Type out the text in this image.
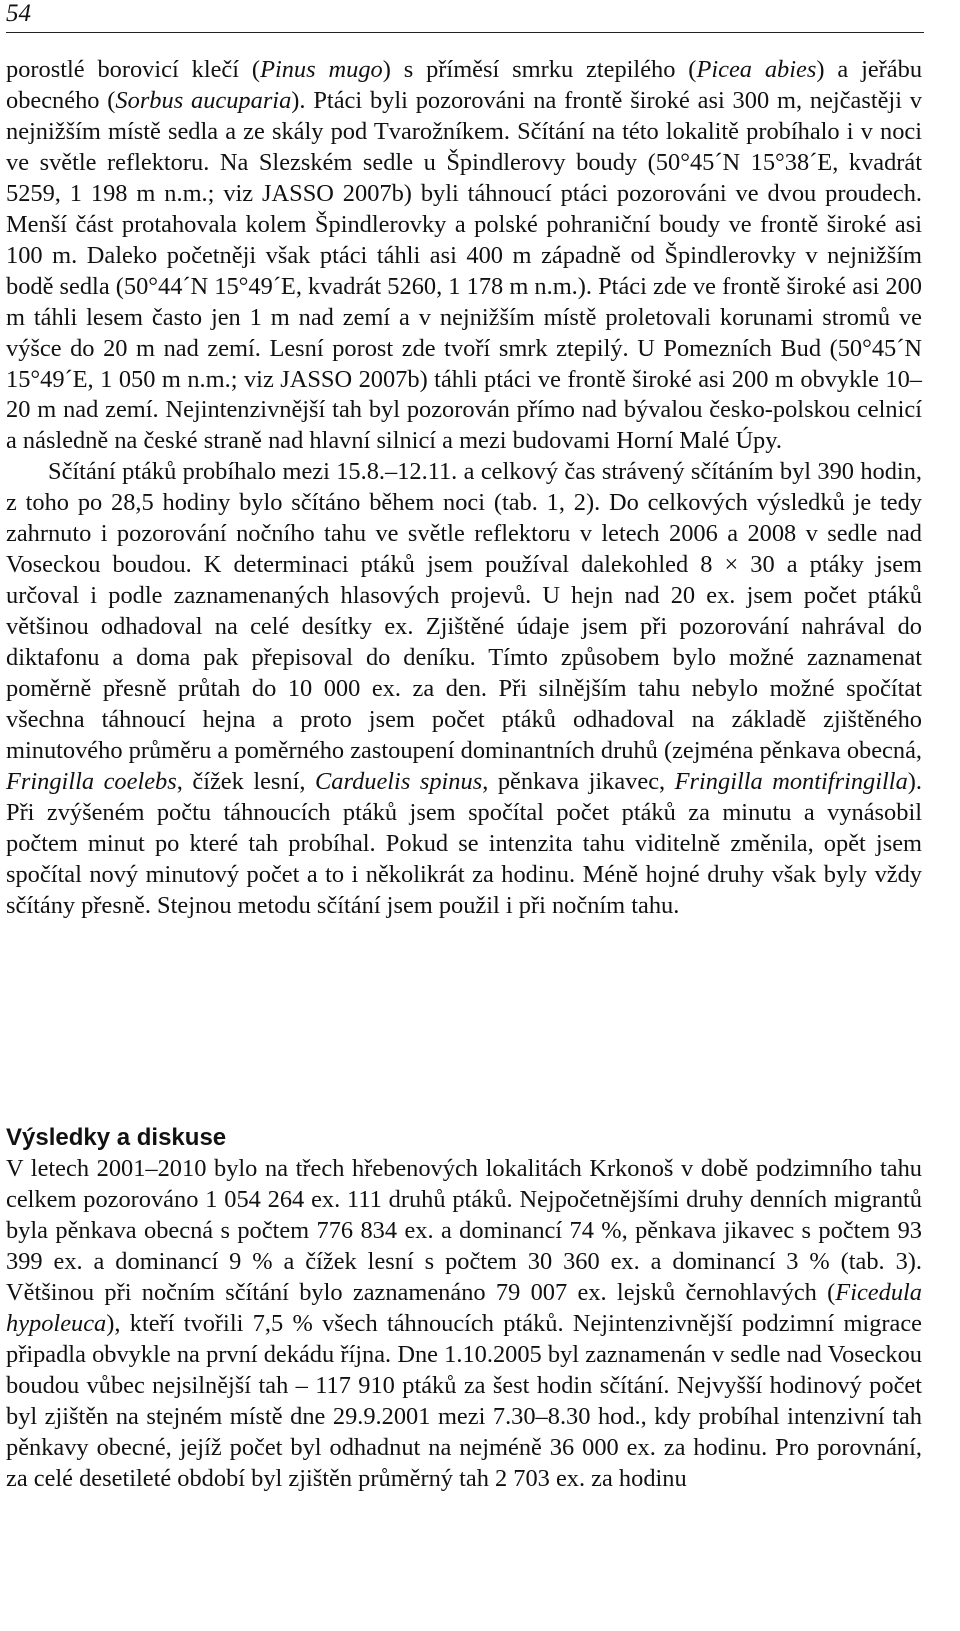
54

porostlé borovicí klečí (Pinus mugo) s příměsí smrku ztepilého (Picea abies) a jeřábu obecného (Sorbus aucuparia). Ptáci byli pozorováni na frontě široké asi 300 m, nejčastěji v nejnižším místě sedla a ze skály pod Tvarožníkem. Sčítání na této lokalitě probíhalo i v noci ve světle reflektoru. Na Slezském sedle u Špindlerovy boudy (50°45´N 15°38´E, kvadrát 5259, 1 198 m n.m.; viz JASSO 2007b) byli táhnoucí ptáci pozorováni ve dvou proudech. Menší část protahovala kolem Špindlerovky a polské pohraniční boudy ve frontě široké asi 100 m. Daleko početněji však ptáci táhli asi 400 m západně od Špindlerovky v nejnižším bodě sedla (50°44´N 15°49´E, kvadrát 5260, 1 178 m n.m.). Ptáci zde ve frontě široké asi 200 m táhli lesem často jen 1 m nad zemí a v nejnižším místě proletovali korunami stromů ve výšce do 20 m nad zemí. Lesní porost zde tvoří smrk ztepilý. U Pomezních Bud (50°45´N 15°49´E, 1 050 m n.m.; viz JASSO 2007b) táhli ptáci ve frontě široké asi 200 m obvykle 10–20 m nad zemí. Nejintenzivnější tah byl pozorován přímo nad bývalou česko-polskou celnicí a následně na české straně nad hlavní silnicí a mezi budovami Horní Malé Úpy.

Sčítání ptáků probíhalo mezi 15.8.–12.11. a celkový čas strávený sčítáním byl 390 hodin, z toho po 28,5 hodiny bylo sčítáno během noci (tab. 1, 2). Do celkových výsledků je tedy zahrnuto i pozorování nočního tahu ve světle reflektoru v letech 2006 a 2008 v sedle nad Voseckou boudou. K determinaci ptáků jsem používal dalekohled 8 × 30 a ptáky jsem určoval i podle zaznamenaných hlasových projevů. U hejn nad 20 ex. jsem počet ptáků většinou odhadoval na celé desítky ex. Zjištěné údaje jsem při pozorování nahrával do diktafonu a doma pak přepisoval do deníku. Tímto způsobem bylo možné zaznamenat poměrně přesně průtah do 10 000 ex. za den. Při silnějším tahu nebylo možné spočítat všechna táhnoucí hejna a proto jsem počet ptáků odhadoval na základě zjištěného minutového průměru a poměrného zastoupení dominantních druhů (zejména pěnkava obecná, Fringilla coelebs, čížek lesní, Carduelis spinus, pěnkava jikavec, Fringilla montifringilla). Při zvýšeném počtu táhnoucích ptáků jsem spočítal počet ptáků za minutu a vynásobil počtem minut po které tah probíhal. Pokud se intenzita tahu viditelně změnila, opět jsem spočítal nový minutový počet a to i několikrát za hodinu. Méně hojné druhy však byly vždy sčítány přesně. Stejnou metodu sčítání jsem použil i při nočním tahu.

Výsledky a diskuse

V letech 2001–2010 bylo na třech hřebenových lokalitách Krkonoš v době podzimního tahu celkem pozorováno 1 054 264 ex. 111 druhů ptáků. Nejpočetnějšími druhy denních migrantů byla pěnkava obecná s počtem 776 834 ex. a dominancí 74 %, pěnkava jikavec s počtem 93 399 ex. a dominancí 9 % a čížek lesní s počtem 30 360 ex. a dominancí 3 % (tab. 3). Většinou při nočním sčítání bylo zaznamenáno 79 007 ex. lejsků černohlavých (Ficedula hypoleuca), kteří tvořili 7,5 % všech táhnoucích ptáků. Nejintenzivnější podzimní migrace připadla obvykle na první dekádu října. Dne 1.10.2005 byl zaznamenán v sedle nad Voseckou boudou vůbec nejsilnější tah – 117 910 ptáků za šest hodin sčítání. Nejvyšší hodinový počet byl zjištěn na stejném místě dne 29.9.2001 mezi 7.30–8.30 hod., kdy probíhal intenzivní tah pěnkavy obecné, jejíž počet byl odhadnut na nejméně 36 000 ex. za hodinu. Pro porovnání, za celé desetileté období byl zjištěn průměrný tah 2 703 ex. za hodinu
